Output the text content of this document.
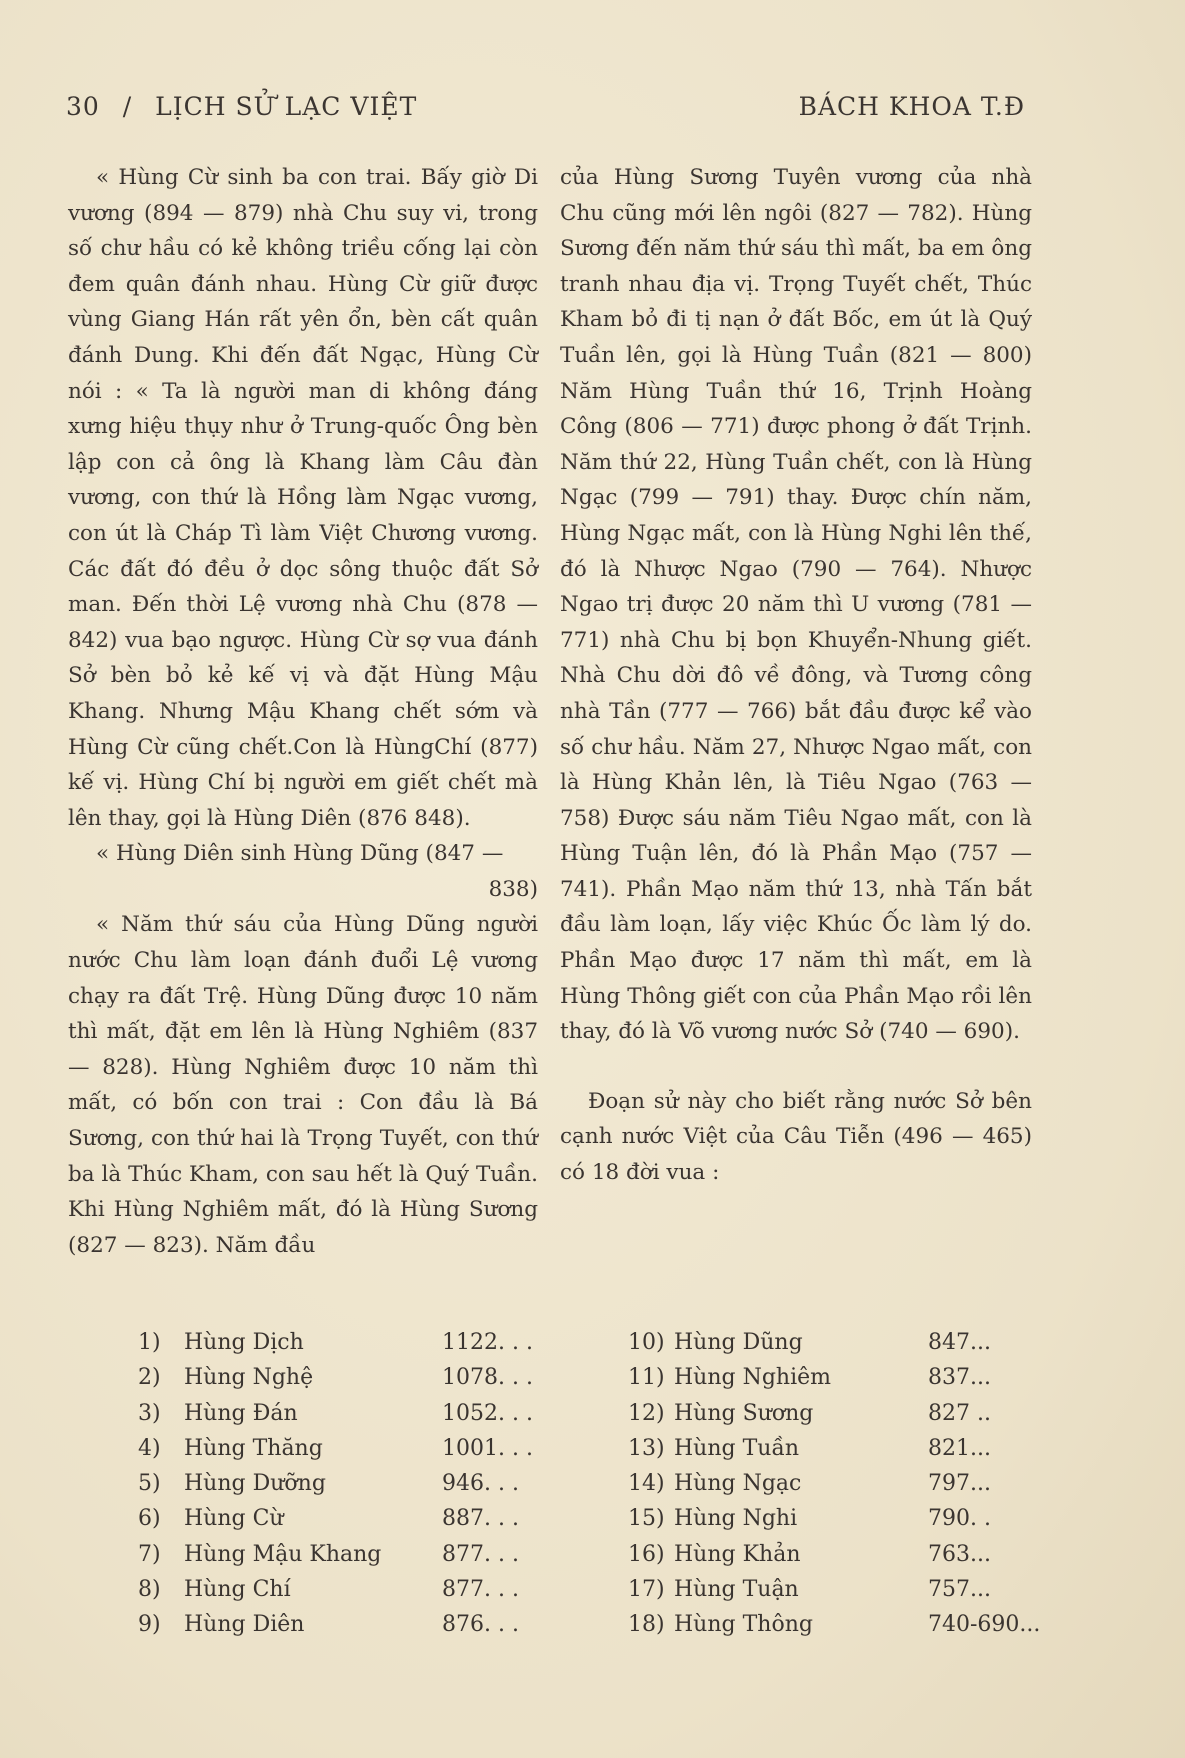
30 / LỊCH SỬ LẠC VIỆT	BÁCH KHOA T.Đ

« Hùng Cừ sinh ba con trai. Bấy giờ Di vương (894 — 879) nhà Chu suy vi, trong số chư hầu có kẻ không triều cống lại còn đem quân đánh nhau. Hùng Cừ giữ được vùng Giang Hán rất yên ổn, bèn cất quân đánh Dung. Khi đến đất Ngạc, Hùng Cừ nói : « Ta là người man di không đáng xưng hiệu thụy như ở Trung-quốc Ông bèn lập con cả ông là Khang làm Câu đàn vương, con thứ là Hồng làm Ngạc vương, con út là Cháp Tì làm Việt Chương vương. Các đất đó đều ở dọc sông thuộc đất Sở man. Đến thời Lệ vương nhà Chu (878 — 842) vua bạo ngược. Hùng Cừ sợ vua đánh Sở bèn bỏ kẻ kế vị và đặt Hùng Mậu Khang. Nhưng Mậu Khang chết sớm và Hùng Cừ cũng chết.Con là HùngChí (877) kế vị. Hùng Chí bị người em giết chết mà lên thay, gọi là Hùng Diên (876 848).

« Hùng Diên sinh Hùng Dũng (847 —
838)

« Năm thứ sáu của Hùng Dũng người nước Chu làm loạn đánh đuổi Lệ vương chạy ra đất Trệ. Hùng Dũng được 10 năm thì mất, đặt em lên là Hùng Nghiêm (837 — 828). Hùng Nghiêm được 10 năm thì mất, có bốn con trai : Con đầu là Bá Sương, con thứ hai là Trọng Tuyết, con thứ ba là Thúc Kham, con sau hết là Quý Tuần. Khi Hùng Nghiêm mất, đó là Hùng Sương (827 — 823). Năm đầu

của Hùng Sương Tuyên vương của nhà Chu cũng mới lên ngôi (827 — 782). Hùng Sương đến năm thứ sáu thì mất, ba em ông tranh nhau địa vị. Trọng Tuyết chết, Thúc Kham bỏ đi tị nạn ở đất Bốc, em út là Quý Tuần lên, gọi là Hùng Tuần (821 — 800) Năm Hùng Tuần thứ 16, Trịnh Hoàng Công (806 — 771) được phong ở đất Trịnh. Năm thứ 22, Hùng Tuần chết, con là Hùng Ngạc (799 — 791) thay. Được chín năm, Hùng Ngạc mất, con là Hùng Nghi lên thế, đó là Nhược Ngao (790 — 764). Nhược Ngao trị được 20 năm thì U vương (781 — 771) nhà Chu bị bọn Khuyển-Nhung giết. Nhà Chu dời đô về đông, và Tương công nhà Tần (777 — 766) bắt đầu được kể vào số chư hầu. Năm 27, Nhược Ngao mất, con là Hùng Khản lên, là Tiêu Ngao (763 — 758) Được sáu năm Tiêu Ngao mất, con là Hùng Tuận lên, đó là Phần Mạo (757 — 741). Phần Mạo năm thứ 13, nhà Tấn bắt đầu làm loạn, lấy việc Khúc Ốc làm lý do. Phần Mạo được 17 năm thì mất, em là Hùng Thông giết con của Phần Mạo rồi lên thay, đó là Võ vương nước Sở (740 — 690).

Đoạn sử này cho biết rằng nước Sở bên cạnh nước Việt của Câu Tiễn (496 — 465) có 18 đời vua :

1)	Hùng Dịch	1122. . .
2)	Hùng Nghệ	1078. . .
3)	Hùng Đán	1052. . .
4)	Hùng Thăng	1001. . .
5)	Hùng Dưỡng	946. . .
6)	Hùng Cừ	887. . .
7)	Hùng Mậu Khang	877. . .
8)	Hùng Chí	877. . .
9)	Hùng Diên	876. . .
10) Hùng Dũng	847...
11) Hùng Nghiêm	837...
12) Hùng Sương	827 ..
13) Hùng Tuần	821...
14) Hùng Ngạc	797...
15) Hùng Nghi	790. .
16) Hùng Khản	763...
17) Hùng Tuận	757...
18) Hùng Thông	740-690...
